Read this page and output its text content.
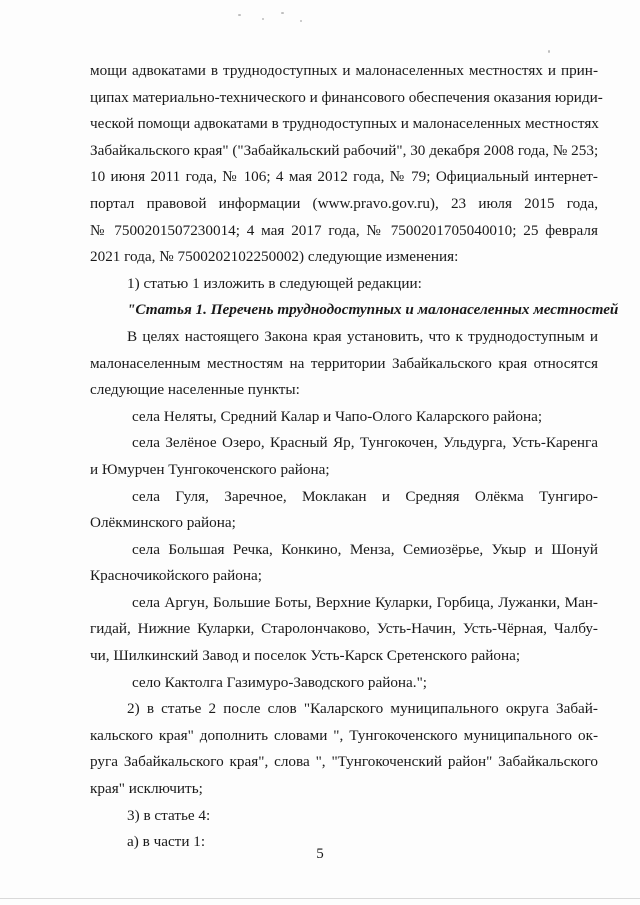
мощи адвокатами в труднодоступных и малонаселенных местностях и прин-
ципах материально-технического и финансового обеспечения оказания юриди-
ческой помощи адвокатами в труднодоступных и малонаселенных местностях
Забайкальского края" ("Забайкальский рабочий", 30 декабря 2008 года, № 253;
10 июня 2011 года, № 106; 4 мая 2012 года, № 79; Официальный интернет-
портал правовой информации (www.pravo.gov.ru), 23 июля 2015 года,
№ 7500201507230014; 4 мая 2017 года, № 7500201705040010; 25 февраля
2021 года, № 7500202102250002) следующие изменения:
1) статью 1 изложить в следующей редакции:
"Статья 1. Перечень труднодоступных и малонаселенных местностей
В целях настоящего Закона края установить, что к труднодоступным и
малонаселенным местностям на территории Забайкальского края относятся
следующие населенные пункты:
села Неляты, Средний Калар и Чапо-Ологo Каларского района;
села Зелёное Озеро, Красный Яр, Тунгокочен, Ульдурга, Усть-Каренга
и Юмурчен Тунгокоченского района;
села Гуля, Заречное, Моклакан и Средняя Олёкма Тунгиро-
Олёкминского района;
села Большая Речка, Конкино, Менза, Семиозёрье, Укыр и Шонуй
Красночикойского района;
села Аргун, Большие Боты, Верхние Куларки, Горбица, Лужанки, Ман-
гидай, Нижние Куларки, Старолончаково, Усть-Начин, Усть-Чёрная, Чалбу-
чи, Шилкинский Завод и поселок Усть-Карск Сретенского района;
село Кактолга Газимуро-Заводского района.";
2) в статье 2 после слов "Каларского муниципального округа Забай-
кальского края" дополнить словами ", Тунгокоченского муниципального ок-
руга Забайкальского края", слова ", "Тунгокоченский район" Забайкальского
края" исключить;
3) в статье 4:
а) в части 1:
5
